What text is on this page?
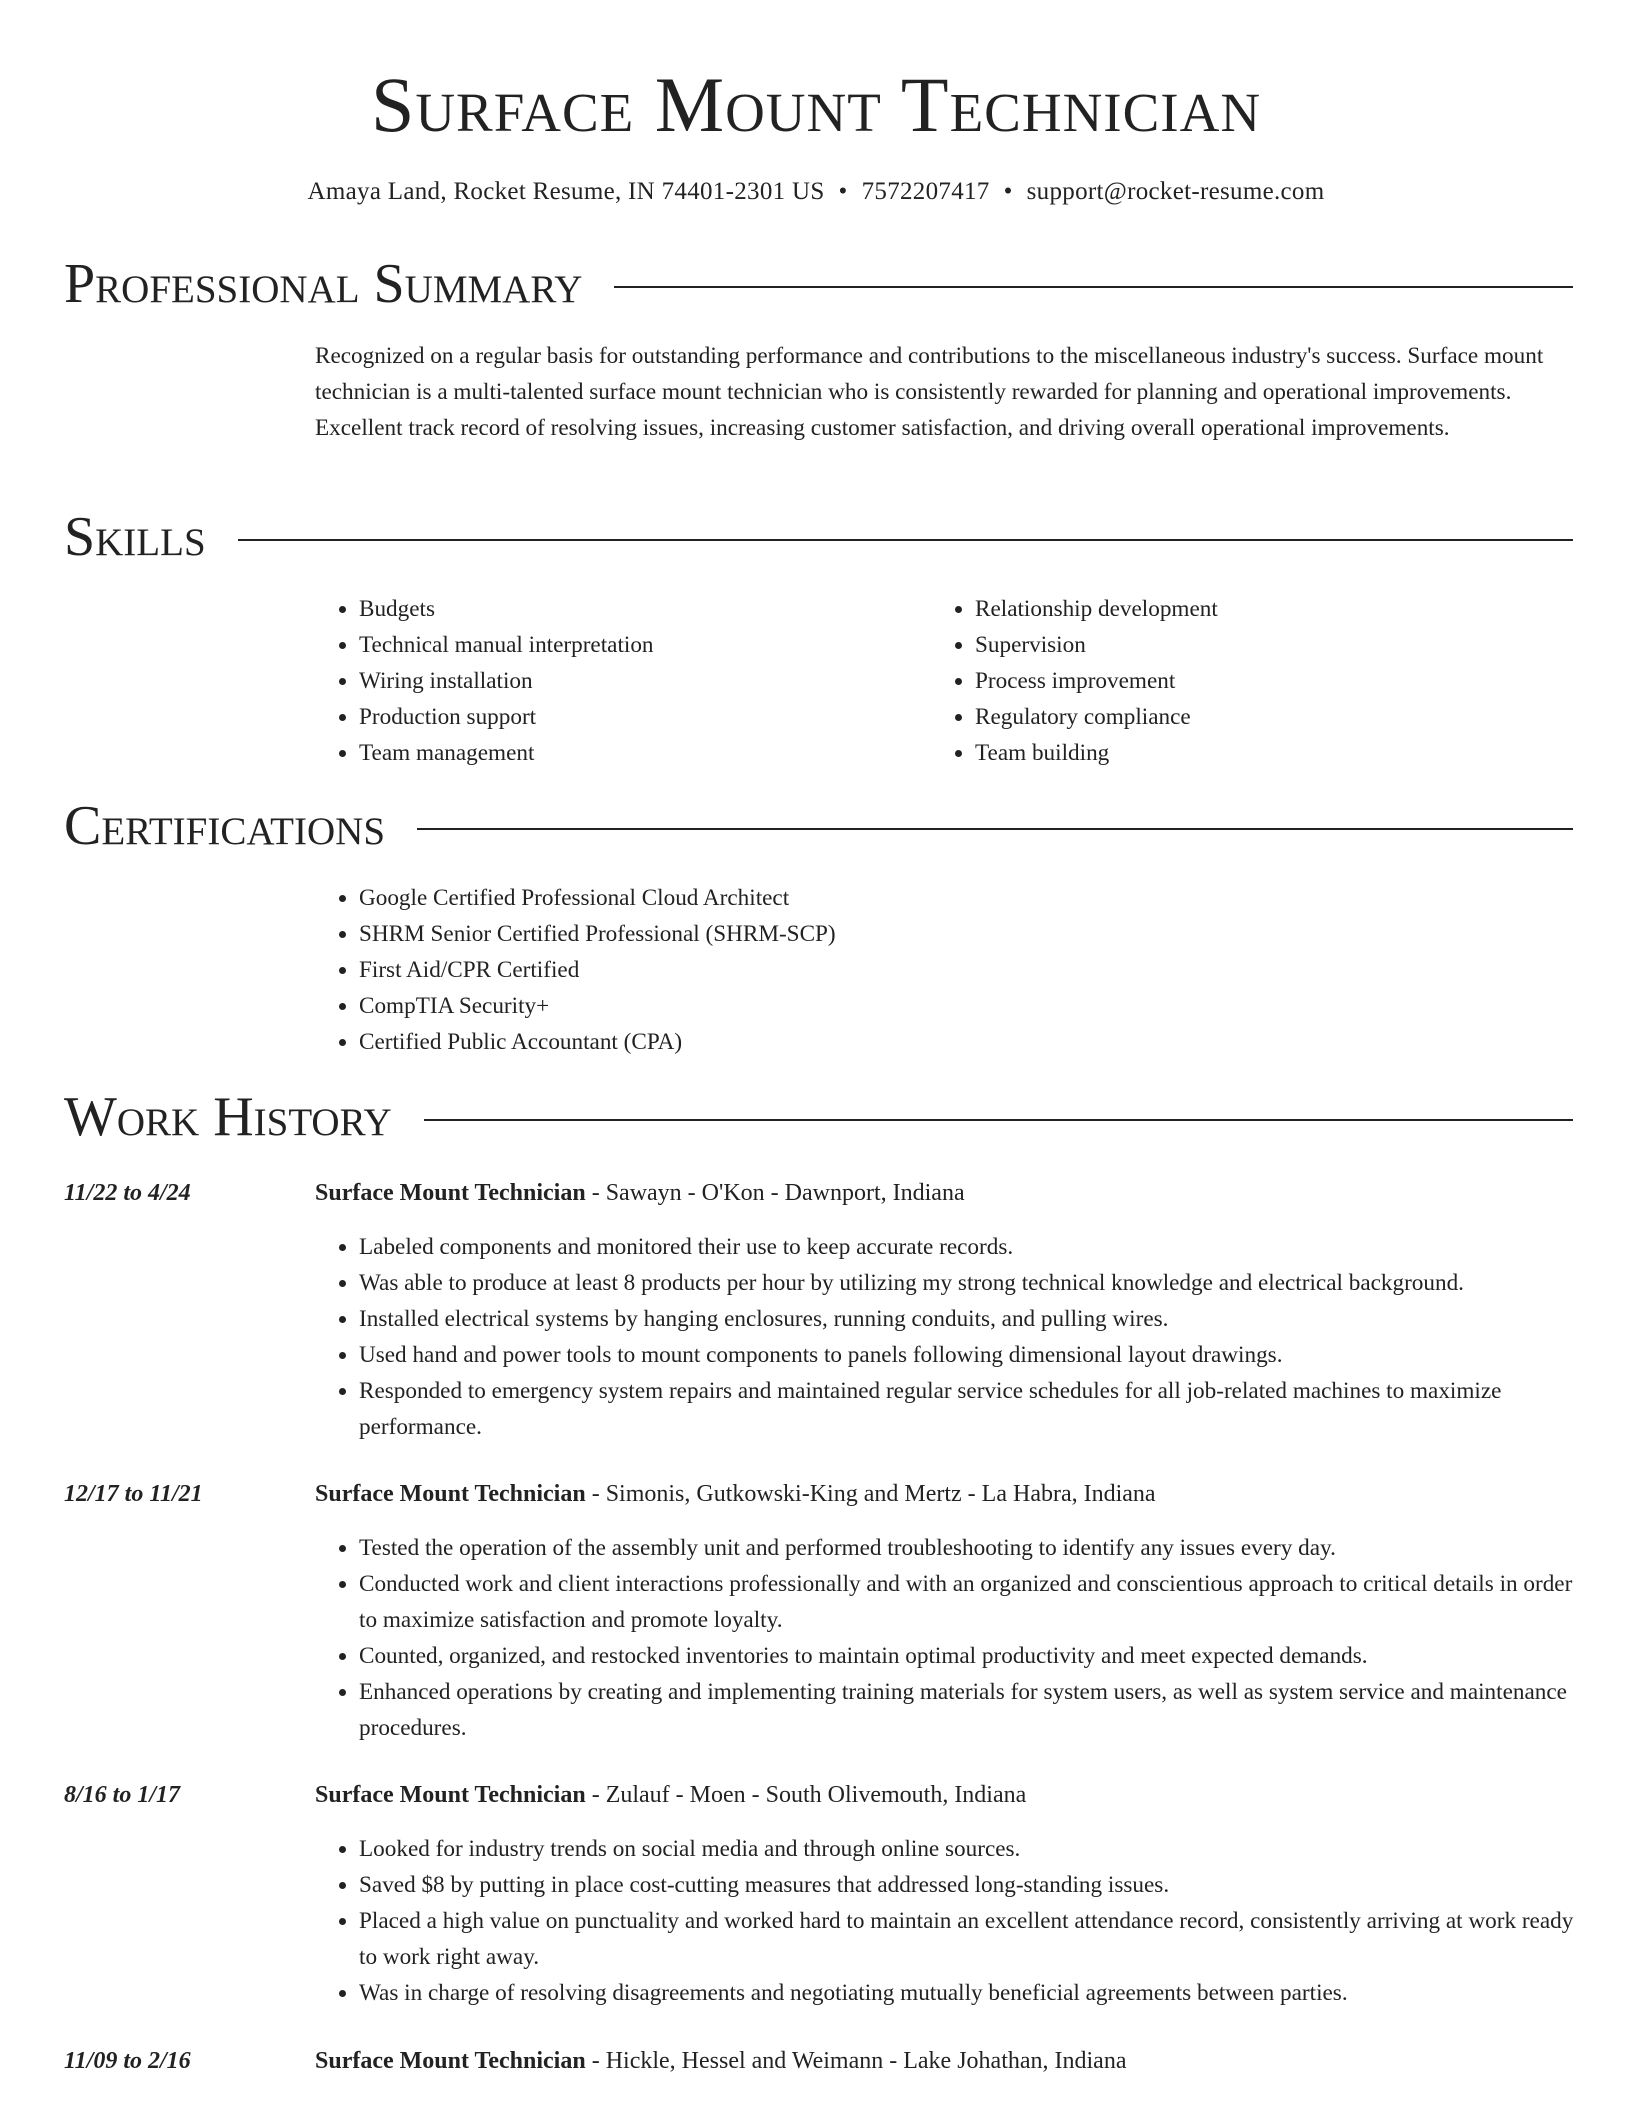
Surface Mount Technician
Amaya Land, Rocket Resume, IN 74401-2301 US • 7572207417 • support@rocket-resume.com
Professional Summary

Recognized on a regular basis for outstanding performance and contributions to the miscellaneous industry's success. Surface mount technician is a multi-talented surface mount technician who is consistently rewarded for planning and operational improvements. Excellent track record of resolving issues, increasing customer satisfaction, and driving overall operational improvements.

Skills
• Budgets
• Technical manual interpretation
• Wiring installation
• Production support
• Team management
• Relationship development
• Supervision
• Process improvement
• Regulatory compliance
• Team building
Certifications
• Google Certified Professional Cloud Architect
• SHRM Senior Certified Professional (SHRM-SCP)
• First Aid/CPR Certified
• CompTIA Security+
• Certified Public Accountant (CPA)
Work History
11/22 to 4/24	Surface Mount Technician - Sawayn - O'Kon - Dawnport, Indiana
• Labeled components and monitored their use to keep accurate records.
• Was able to produce at least 8 products per hour by utilizing my strong technical knowledge and electrical background.
• Installed electrical systems by hanging enclosures, running conduits, and pulling wires.
• Used hand and power tools to mount components to panels following dimensional layout drawings.
• Responded to emergency system repairs and maintained regular service schedules for all job-related machines to maximize performance.
12/17 to 11/21	Surface Mount Technician - Simonis, Gutkowski-King and Mertz - La Habra, Indiana
• Tested the operation of the assembly unit and performed troubleshooting to identify any issues every day.
• Conducted work and client interactions professionally and with an organized and conscientious approach to critical details in order to maximize satisfaction and promote loyalty.
• Counted, organized, and restocked inventories to maintain optimal productivity and meet expected demands.
• Enhanced operations by creating and implementing training materials for system users, as well as system service and maintenance procedures.
8/16 to 1/17	Surface Mount Technician - Zulauf - Moen - South Olivemouth, Indiana
• Looked for industry trends on social media and through online sources.
• Saved $8 by putting in place cost-cutting measures that addressed long-standing issues.
• Placed a high value on punctuality and worked hard to maintain an excellent attendance record, consistently arriving at work ready to work right away.
• Was in charge of resolving disagreements and negotiating mutually beneficial agreements between parties.
11/09 to 2/16	Surface Mount Technician - Hickle, Hessel and Weimann - Lake Johathan, Indiana
